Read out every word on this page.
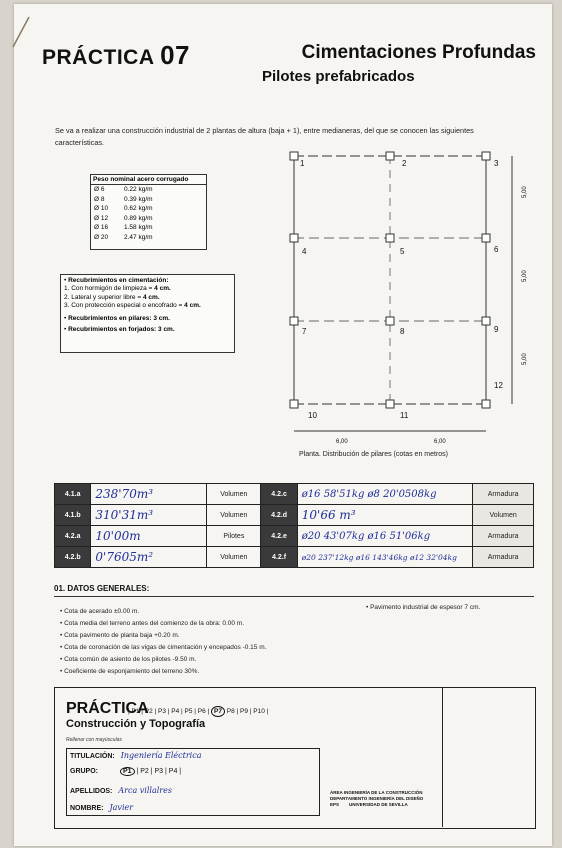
PRÁCTICA 07	Cimentaciones Profundas
Pilotes prefabricados
Se va a realizar una construcción industrial de 2 plantas de altura (baja + 1), entre medianeras, del que se conocen las siguientes características.
Peso nominal acero corrugado
Ø 6	0.22 kg/m
Ø 8	0.39 kg/m
Ø 10	0.62 kg/m
Ø 12	0.89 kg/m
Ø 16	1.58 kg/m
Ø 20	2.47 kg/m
• Recubrimientos en cimentación:
1. Con hormigón de limpieza = 4 cm.
2. Lateral y superior libre = 4 cm.
3. Con protección especial o encofrado = 4 cm.
• Recubrimientos en pilares: 3 cm.
• Recubrimientos en forjados: 3 cm.
1	2	3
4	5	6
7	8	9
10	11
12
6,00	6,00
5,00
5,00
5,00
Planta. Distribución de pilares (cotas en metros)
4.1.a	238'70m³	Volumen	4.2.c	ø16 58'51kg ø8 20'0508kg	Armadura
4.1.b	310'31m³	Volumen	4.2.d	10'66 m³	Volumen
4.2.a	10'00m	Pilotes	4.2.e	ø20 43'07kg ø16 51'06kg	Armadura
4.2.b	0'7605m²	Volumen	4.2.f	ø20 237'12kg ø16 143'46kg ø12 32'04kg	Armadura
01. DATOS GENERALES:
• Cota de acerado ±0.00 m.
• Cota media del terreno antes del comienzo de la obra: 0.00 m.
• Cota pavimento de planta baja +0.20 m.
• Cota de coronación de las vigas de cimentación y encepados -0.15 m.
• Cota común de asiento de los pilotes -9.50 m.
• Coeficiente de esponjamiento del terreno 30%.
• Pavimento industrial de espesor 7 cm.
PRÁCTICA
| P1 | P2 | P3 | P4 | P5 | P6 | P7 P8 | P9 | P10 |
Construcción y Topografía
Rellenar con mayúsculas
TITULACIÓN: Ingeniería Eléctrica
GRUPO:	P1 | P2 | P3 | P4 |
APELLIDOS: Arca villalres
NOMBRE: Javier
ÁREA INGENIERÍA DE LA CONSTRUCCIÓN
DEPARTAMENTO INGENIERÍA DEL DISEÑO
EPS UNIVERSIDAD DE SEVILLA
